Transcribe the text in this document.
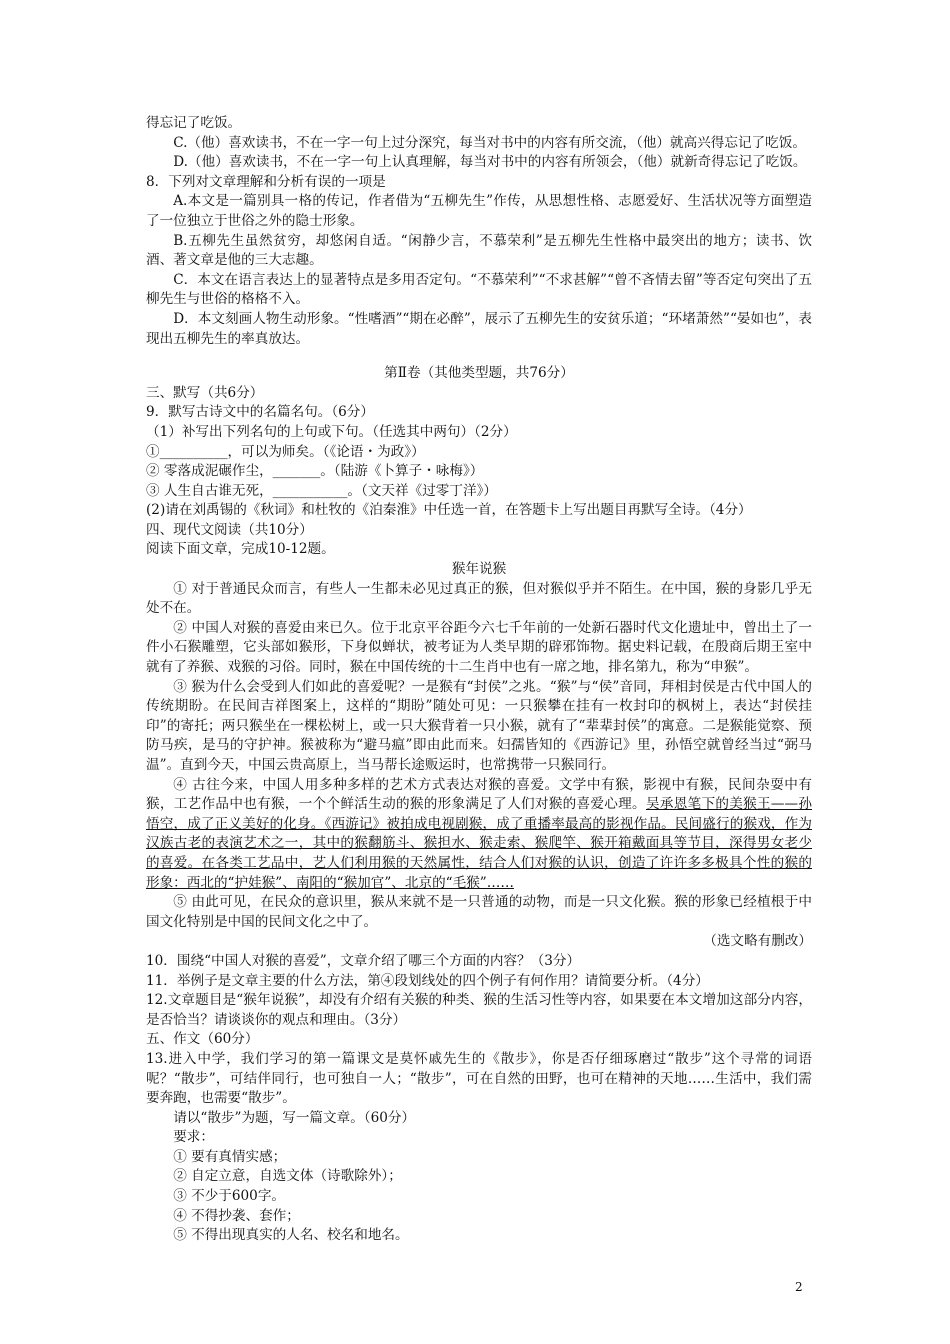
得忘记了吃饭。

C.（他）喜欢读书，不在一字一句上过分深究，每当对书中的内容有所交流，（他）就高兴得忘记了吃饭。

D.（他）喜欢读书，不在一字一句上认真理解，每当对书中的内容有所领会，（他）就新奇得忘记了吃饭。

8．下列对文章理解和分析有误的一项是

A.本文是一篇别具一格的传记，作者借为“五柳先生”作传，从思想性格、志愿爱好、生活状况等方面塑造了一位独立于世俗之外的隐士形象。

B.五柳先生虽然贫穷，却悠闲自适。“闲静少言，不慕荣利”是五柳先生性格中最突出的地方；读书、饮酒、著文章是他的三大志趣。

C．本文在语言表达上的显著特点是多用否定句。“不慕荣利”“不求甚解”“曾不吝情去留”等否定句突出了五柳先生与世俗的格格不入。

D．本文刻画人物生动形象。“性嗜酒”“期在必醉”，展示了五柳先生的安贫乐道；“环堵萧然”“晏如也”，表现出五柳先生的率真放达。

第Ⅱ卷（其他类型题，共76分）

三、默写（共6分）

9．默写古诗文中的名篇名句。（6分）

（1）补写出下列名句的上句或下句。（任选其中两句）（2分）

①__________，可以为师矣。（《论语・为政》）

② 零落成泥碾作尘，_______。（陆游《卜算子・咏梅》）

③ 人生自古谁无死，___________。（文天祥《过零丁洋》）

(2)请在刘禹锡的《秋词》和杜牧的《泊秦淮》中任选一首，在答题卡上写出题目再默写全诗。（4分）

四、现代文阅读（共10分）

阅读下面文章，完成10-12题。

猴年说猴

① 对于普通民众而言，有些人一生都未必见过真正的猴，但对猴似乎并不陌生。在中国，猴的身影几乎无处不在。

② 中国人对猴的喜爱由来已久。位于北京平谷距今六七千年前的一处新石器时代文化遗址中，曾出土了一件小石猴雕塑，它头部如猴形，下身似蝉状，被考证为人类早期的辟邪饰物。据史料记载，在殷商后期王室中就有了养猴、戏猴的习俗。同时，猴在中国传统的十二生肖中也有一席之地，排名第九，称为“申猴”。

③ 猴为什么会受到人们如此的喜爱呢？一是猴有“封侯”之兆。“猴”与“侯”音同，拜相封侯是古代中国人的传统期盼。在民间吉祥图案上，这样的“期盼”随处可见：一只猴攀在挂有一枚封印的枫树上，表达“封侯挂印”的寄托；两只猴坐在一棵松树上，或一只大猴背着一只小猴，就有了“辈辈封侯”的寓意。二是猴能觉察、预防马疾，是马的守护神。猴被称为“避马瘟”即由此而来。妇孺皆知的《西游记》里，孙悟空就曾经当过“弼马温”。直到今天，中国云贵高原上，当马帮长途贩运时，也常携带一只猴同行。

④ 古往今来，中国人用多种多样的艺术方式表达对猴的喜爱。文学中有猴，影视中有猴，民间杂耍中有猴，工艺作品中也有猴，一个个鲜活生动的猴的形象满足了人们对猴的喜爱心理。吴承恩笔下的美猴王——孙悟空，成了正义美好的化身。《西游记》被拍成电视剧猴，成了重播率最高的影视作品。民间盛行的猴戏，作为汉族古老的表演艺术之一，其中的猴翻筋斗、猴担水、猴走索、猴爬竿、猴开箱戴面具等节目，深得男女老少的喜爱。在各类工艺品中，艺人们利用猴的天然属性，结合人们对猴的认识，创造了许许多多极具个性的猴的形象：西北的“护娃猴”、南阳的“猴加官”、北京的“毛猴”……

⑤ 由此可见，在民众的意识里，猴从来就不是一只普通的动物，而是一只文化猴。猴的形象已经植根于中国文化特别是中国的民间文化之中了。

（选文略有删改）

10．围绕“中国人对猴的喜爱”，文章介绍了哪三个方面的内容？（3分）

11．举例子是文章主要的什么方法，第④段划线处的四个例子有何作用？请简要分析。（4分）

12.文章题目是“猴年说猴”，却没有介绍有关猴的种类、猴的生活习性等内容，如果要在本文增加这部分内容，是否恰当？请谈谈你的观点和理由。（3分）

五、作文（60分）

13.进入中学，我们学习的第一篇课文是莫怀戚先生的《散步》，你是否仔细琢磨过“散步”这个寻常的词语呢？“散步”，可结伴同行，也可独自一人；“散步”，可在自然的田野，也可在精神的天地……生活中，我们需要奔跑，也需要“散步”。

请以“散步”为题，写一篇文章。（60分）

要求：

① 要有真情实感；

② 自定立意，自选文体（诗歌除外）；

③ 不少于600字。

④ 不得抄袭、套作；

⑤ 不得出现真实的人名、校名和地名。

2
